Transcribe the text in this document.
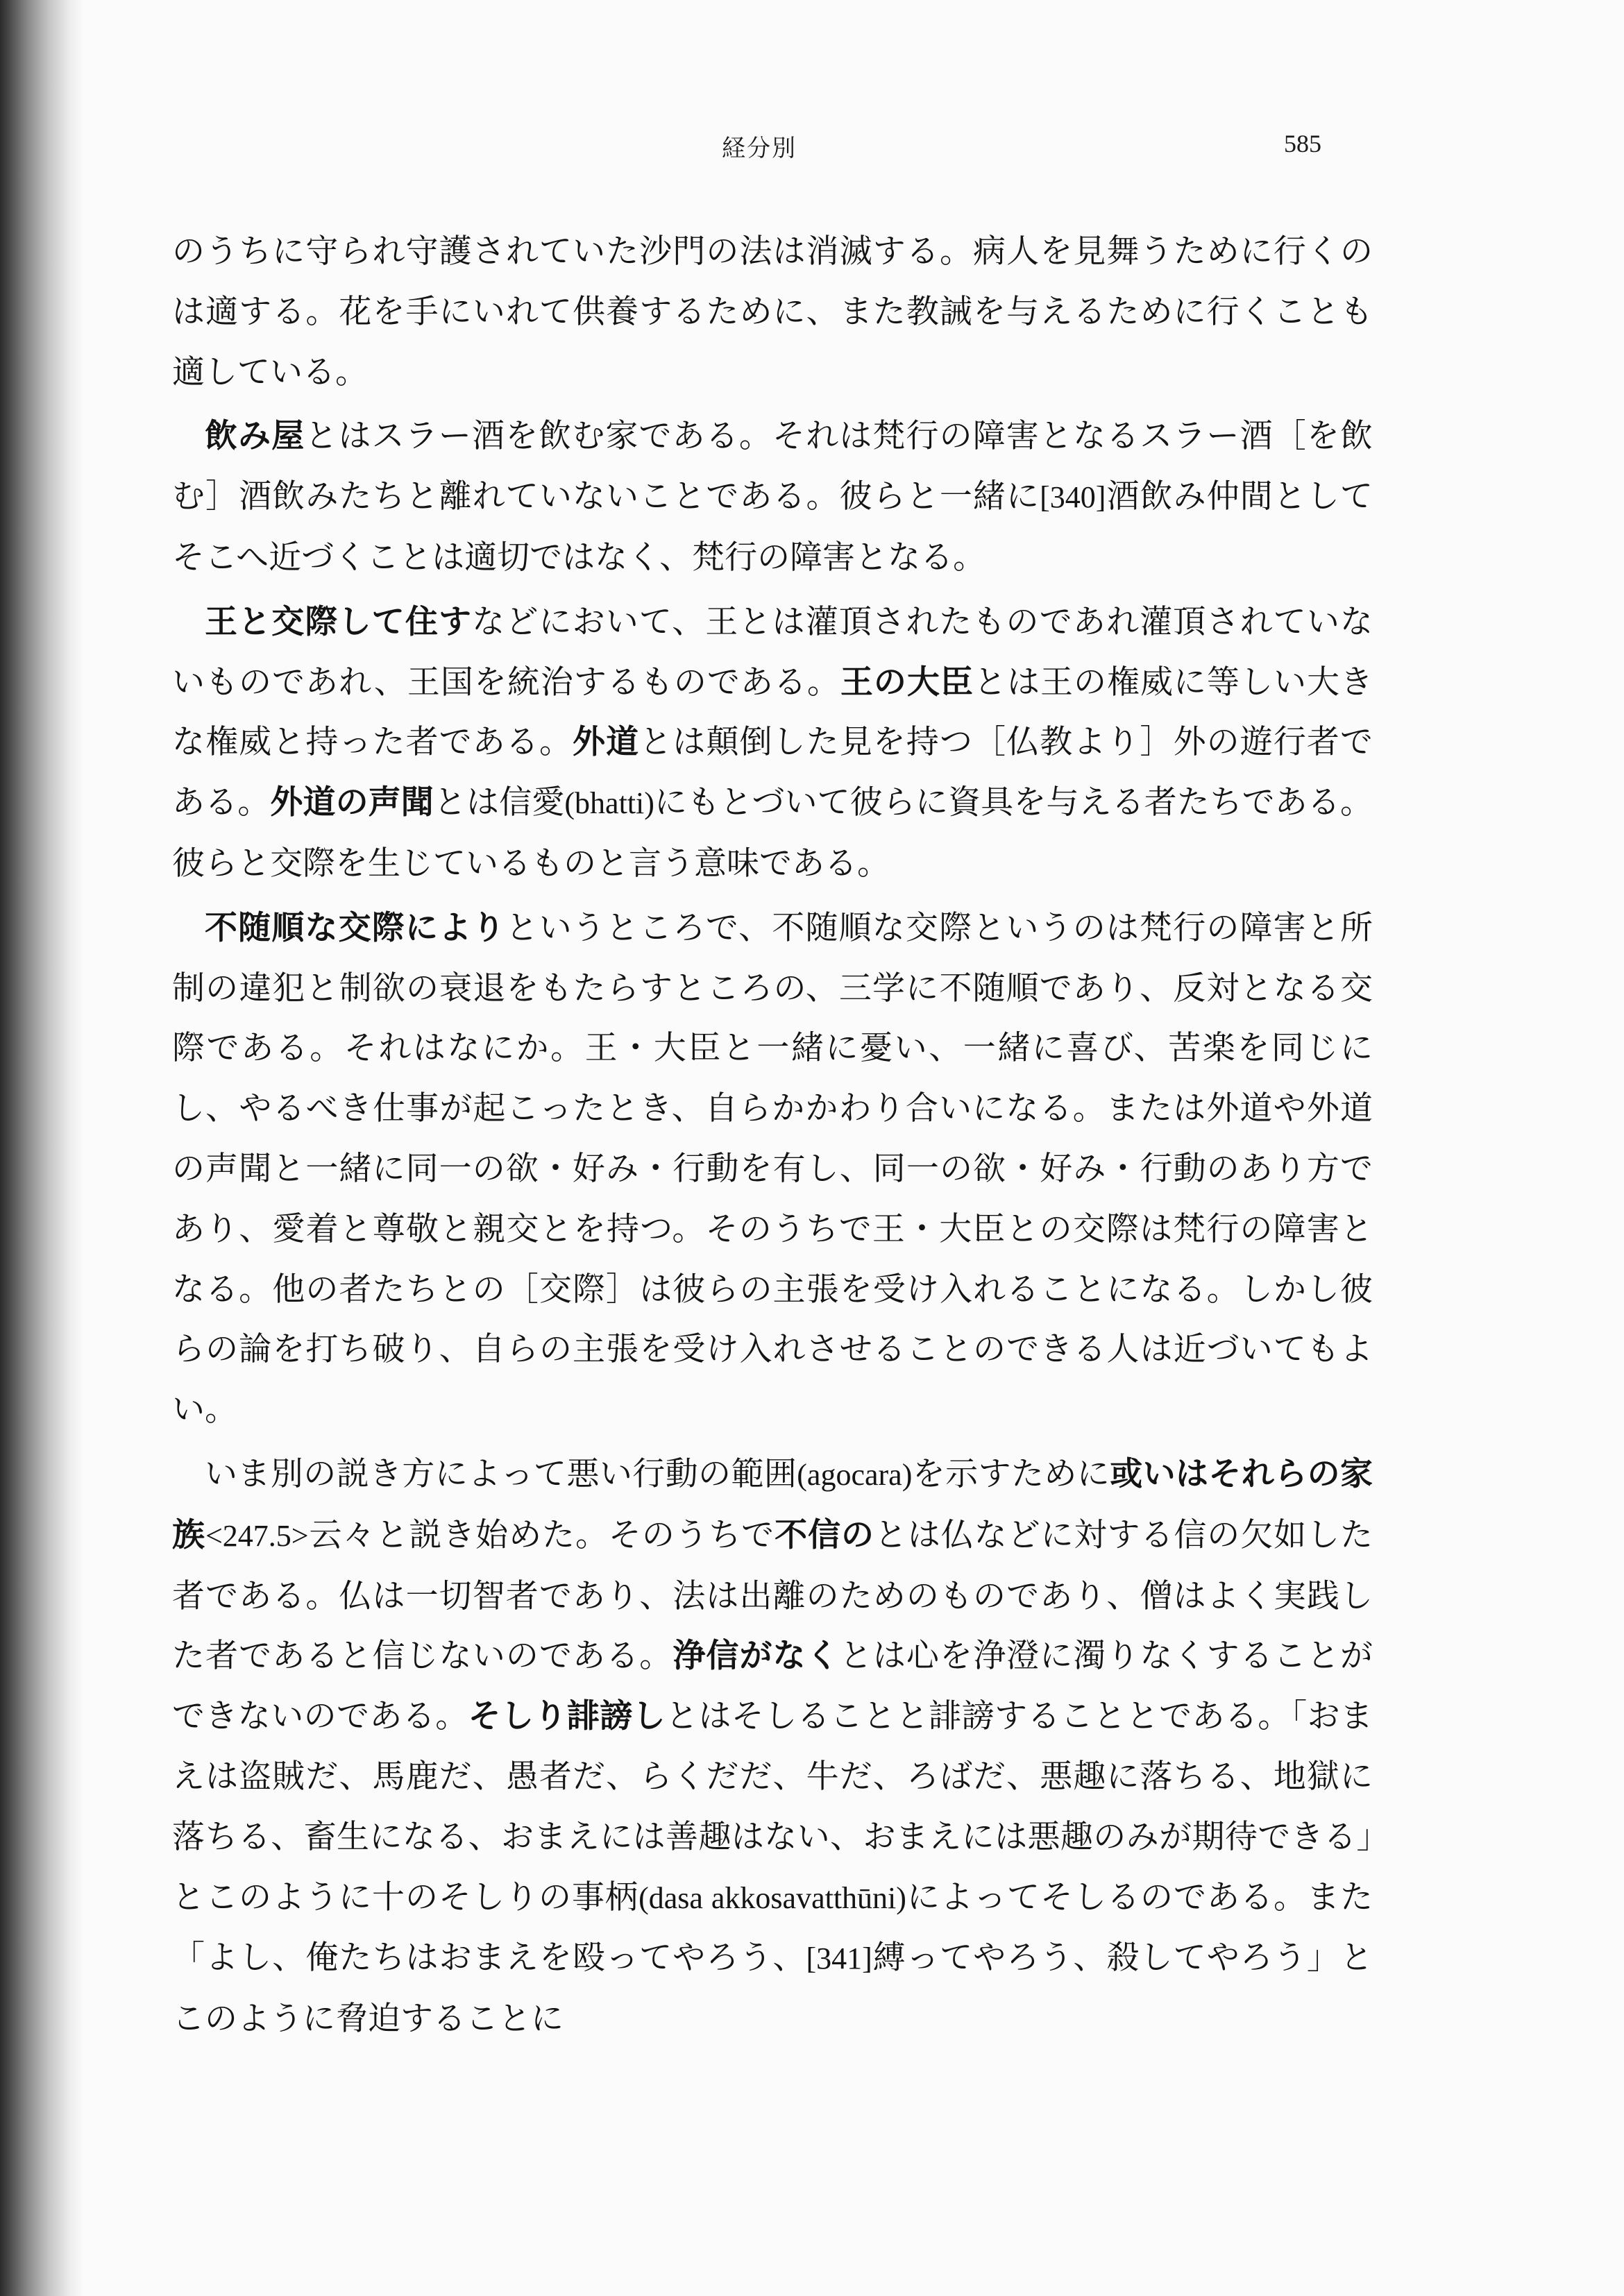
経分別	585

のうちに守られ守護されていた沙門の法は消滅する。病人を見舞うために行くのは適する。花を手にいれて供養するために、また教誡を与えるために行くことも適している。

飲み屋とはスラー酒を飲む家である。それは梵行の障害となるスラー酒［を飲む］酒飲みたちと離れていないことである。彼らと一緒に[340]酒飲み仲間としてそこへ近づくことは適切ではなく、梵行の障害となる。

王と交際して住すなどにおいて、王とは灌頂されたものであれ灌頂されていないものであれ、王国を統治するものである。王の大臣とは王の権威に等しい大きな権威と持った者である。外道とは顛倒した見を持つ［仏教より］外の遊行者である。外道の声聞とは信愛(bhatti)にもとづいて彼らに資具を与える者たちである。彼らと交際を生じているものと言う意味である。

不随順な交際によりというところで、不随順な交際というのは梵行の障害と所制の違犯と制欲の衰退をもたらすところの、三学に不随順であり、反対となる交際である。それはなにか。王・大臣と一緒に憂い、一緒に喜び、苦楽を同じにし、やるべき仕事が起こったとき、自らかかわり合いになる。または外道や外道の声聞と一緒に同一の欲・好み・行動を有し、同一の欲・好み・行動のあり方であり、愛着と尊敬と親交とを持つ。そのうちで王・大臣との交際は梵行の障害となる。他の者たちとの［交際］は彼らの主張を受け入れることになる。しかし彼らの論を打ち破り、自らの主張を受け入れさせることのできる人は近づいてもよい。

いま別の説き方によって悪い行動の範囲(agocara)を示すために或いはそれらの家族<247.5>云々と説き始めた。そのうちで不信のとは仏などに対する信の欠如した者である。仏は一切智者であり、法は出離のためのものであり、僧はよく実践した者であると信じないのである。浄信がなくとは心を浄澄に濁りなくすることができないのである。そしり誹謗しとはそしることと誹謗することとである。「おまえは盗賊だ、馬鹿だ、愚者だ、らくだだ、牛だ、ろばだ、悪趣に落ちる、地獄に落ちる、畜生になる、おまえには善趣はない、おまえには悪趣のみが期待できる」とこのように十のそしりの事柄(dasa akkosavatthūni)によってそしるのである。また「よし、俺たちはおまえを殴ってやろう、[341]縛ってやろう、殺してやろう」とこのように脅迫することに
